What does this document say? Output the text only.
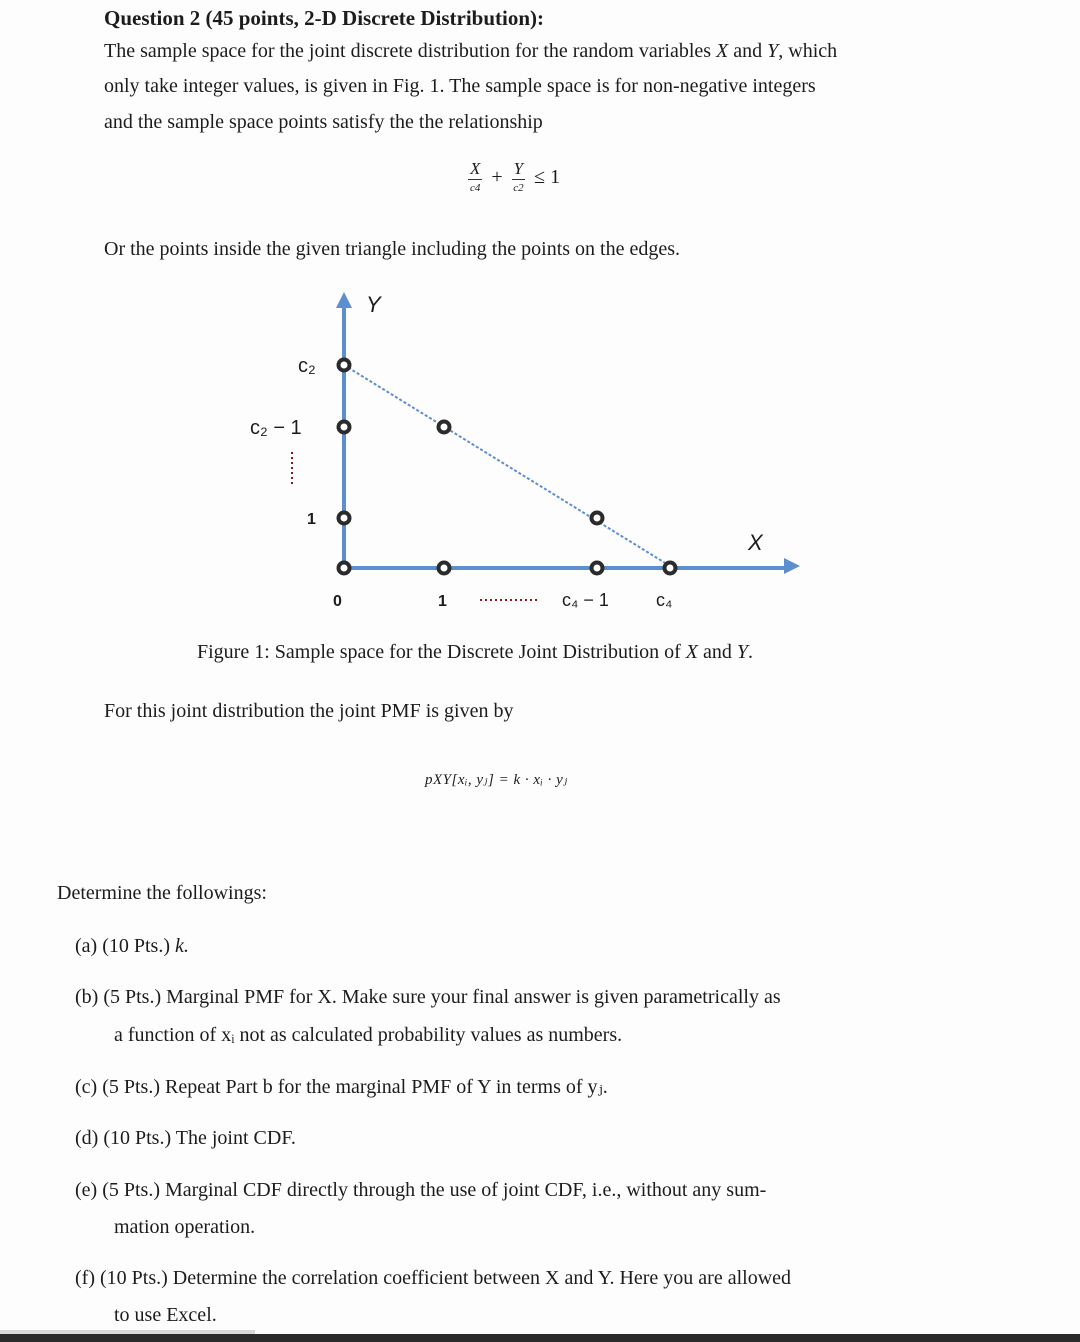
Question 2 (45 points, 2-D Discrete Distribution):
The sample space for the joint discrete distribution for the random variables X and Y, which
only take integer values, is given in Fig. 1. The sample space is for non-negative integers
and the sample space points satisfy the the relationship
$\frac{X}{c4} + \frac{Y}{c2} \le 1$
Or the points inside the given triangle including the points on the edges.
Y
X
c₂
c₂ − 1
1
0	1	c₄ − 1	c₄
Figure 1: Sample space for the Discrete Joint Distribution of X and Y.
For this joint distribution the joint PMF is given by
pXY[xᵢ, yⱼ] = k · xᵢ · yⱼ
Determine the followings:
(a) (10 Pts.) k.
(b) (5 Pts.) Marginal PMF for X. Make sure your final answer is given parametrically as
a function of xᵢ not as calculated probability values as numbers.
(c) (5 Pts.) Repeat Part b for the marginal PMF of Y in terms of yⱼ.
(d) (10 Pts.) The joint CDF.
(e) (5 Pts.) Marginal CDF directly through the use of joint CDF, i.e., without any sum-
mation operation.
(f) (10 Pts.) Determine the correlation coefficient between X and Y. Here you are allowed
to use Excel.
